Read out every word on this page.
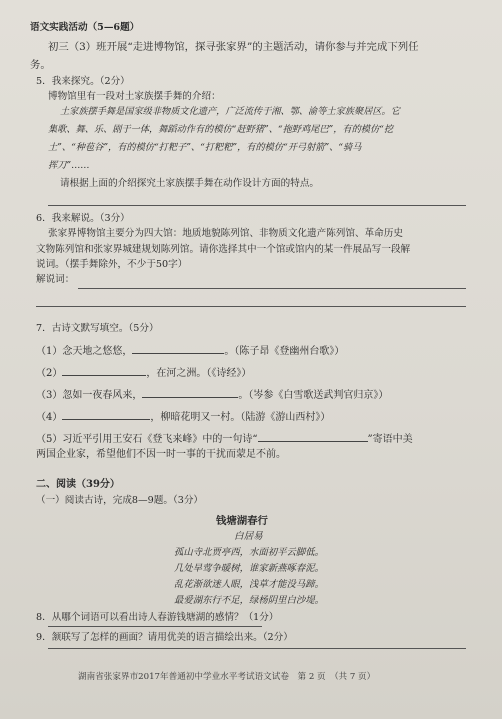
语文实践活动（5—6题）
初三（3）班开展“走进博物馆，探寻张家界”的主题活动，请你参与并完成下列任
务。
5．我来探究。（2分）
博物馆里有一段对土家族摆手舞的介绍：
土家族摆手舞是国家级非物质文化遗产，广泛流传于湘、鄂、渝等土家族聚居区。它
集歌、舞、乐、剧于一体，舞蹈动作有的模仿“赶野猪”、“拖野鸡尾巴”，有的模仿“挖
土”、“种苞谷”，有的模仿“打粑子”、“打粑粑”，有的模仿“开弓射箭”、“骑马
挥刀”……
请根据上面的介绍探究土家族摆手舞在动作设计方面的特点。
6．我来解说。（3分）
张家界博物馆主要分为四大馆：地质地貌陈列馆、非物质文化遗产陈列馆、革命历史
文物陈列馆和张家界城建规划陈列馆。请你选择其中一个馆或馆内的某一件展品写一段解
说词。（摆手舞除外，不少于50字）
解说词：
7．古诗文默写填空。（5分）
（1）念天地之悠悠，	。（陈子昂《登幽州台歌》）
（2）	，在河之洲。（《诗经》）
（3）忽如一夜春风来，	。（岑参《白雪歌送武判官归京》）
（4）	，柳暗花明又一村。（陆游《游山西村》）
（5）习近平引用王安石《登飞来峰》中的一句诗“	”寄语中美
两国企业家，希望他们不因一时一事的干扰而蒙足不前。
二、阅读（39分）
（一）阅读古诗，完成8—9题。（3分）
钱塘湖春行
白居易
孤山寺北贾亭西，水面初平云脚低。
几处早莺争暖树，谁家新燕啄春泥。
乱花渐欲迷人眼，浅草才能没马蹄。
最爱湖东行不足，绿杨阴里白沙堤。
8．从哪个词语可以看出诗人春游钱塘湖的感情？（1分）
9．颔联写了怎样的画面？请用优美的语言描绘出来。（2分）
湖南省张家界市2017年普通初中学业水平考试语文试卷　第 2 页　（共 7 页）
